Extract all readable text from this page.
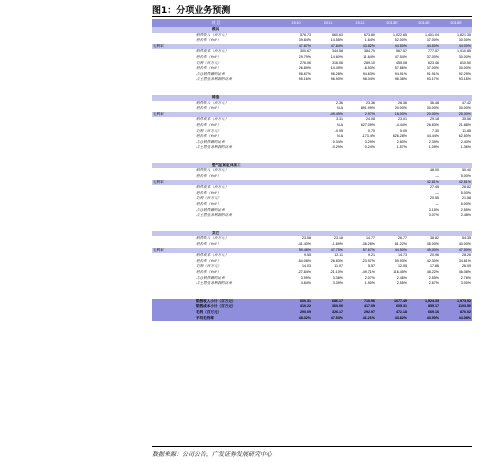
图1：分项业务预测
项 目	2010	2011	2012	2013E	2014E	2015E
模具						
销售收入（百万元）	576.73	660.63	673.80	1,022.65	1,401.04	1,821.35
增长率（YoY）	39.84%	14.55%	1.64%	52.00%	37.00%	30.00%
毛利率	47.87%	47.84%	43.82%	44.50%	44.50%	44.00%
销售成本（百万元）	300.67	344.58	384.70	567.57	777.57	1,010.85
增长率（YoY）	29.79%	14.60%	11.64%	47.54%	37.00%	30.00%
毛利（百万元）	276.06	316.06	289.10	455.08	623.46	810.50
增长率（YoY）	26.89%	14.49%	-8.53%	57.86%	37.00%	30.00%
占总销售额的比重	96.67%	96.28%	94.63%	94.91%	91.91%	92.29%
占主营业务利润的比重	95.16%	96.90%	98.04%	96.38%	93.17%	93.16%

铸造						
销售收入（百万元）		2.36	23.36	28.36	36.48	47.42
增长率（YoY）		N.A	891.99%	20.00%	30.00%	30.00%
毛利率		-49.49%	2.97%	18.00%	20.00%	25.00%
销售成本（百万元）		3.31	24.08	23.01	29.18	35.56
增长率（YoY）		N.A	627.09%	-4.44%	26.83%	21.88%
毛利（百万元）		-0.95	0.70	5.05	7.30	11.85
增长率（YoY）		N.A	-173.4%	626.28%	44.44%	62.50%
占总销售额的比重		0.34%	3.29%	2.60%	2.39%	2.40%
占主营业务利润的比重		-0.29%	0.24%	1.57%	1.09%	1.36%

整气缸和缸体加工						
销售收入（百万元）					48.00	50.40
增长率（YoY）					—	5.00%
毛利率					42.81%	42.81%
销售成本（百万元）					27.45	28.82
增长率（YoY）					—	5.00%
毛利（百万元）					20.55	21.58
增长率（YoY）					—	5.00%
占总销售额的比重					3.15%	2.55%
占主营业务利润的比重					3.07%	2.48%

其它						
销售收入（百万元）	23.58	23.18	14.77	26.77	38.82	54.35
增长率（YoY）	-41.40%	-1.69%	-36.28%	81.22%	45.00%	40.00%
毛利率	59.48%	47.75%	57.67%	44.50%	45.00%	47.50%
销售成本（百万元）	9.55	12.11	9.21	14.73	20.96	28.26
增长率（YoY）	-54.08%	26.83%	-23.97%	59.93%	42.30%	34.81%
毛利（百万元）	14.03	11.07	5.57	12.05	17.86	26.09
增长率（YoY）	-27.84%	-21.10%	-49.71%	116.45%	48.22%	46.08%
占总销售额的比重	3.99%	3.38%	2.07%	2.46%	2.55%	2.76%
占主营业务利润的比重	4.84%	3.39%	1.90%	2.55%	2.67%	3.00%

销售收入小计（百万元）	600.31	686.17	710.96	1077.49	1,524.33	1,973.52
销售成本小计（百万元）	310.22	360.00	417.99	605.31	855.17	1103.50
毛利（百万元）	290.09	326.17	292.97	472.18	669.16	870.02
平均毛利率	48.32%	47.53%	41.21%	43.82%	43.90%	44.08%
数据来源：公司公告，广发证券发展研究中心
